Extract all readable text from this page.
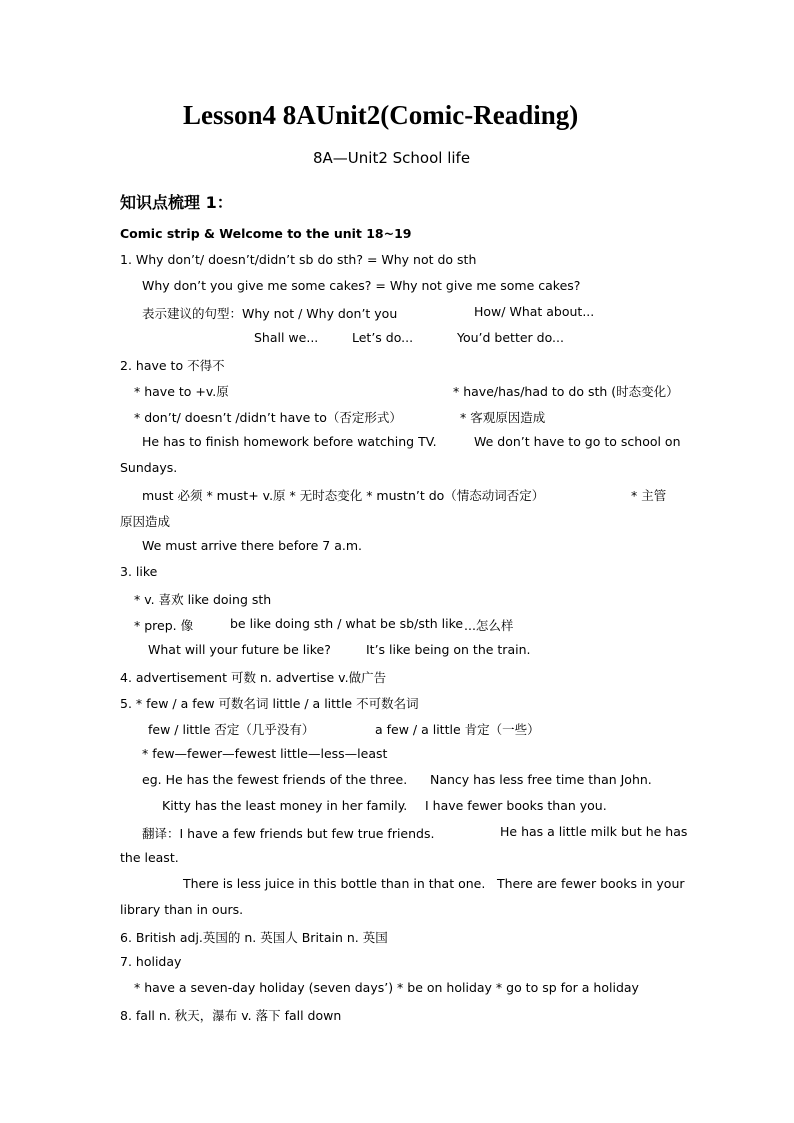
Lesson4 8AUnit2(Comic-Reading)
8A—Unit2 School life
知识点梳理 1：
Comic strip & Welcome to the unit 18~19
1. Why don’t/ doesn’t/didn’t sb do sth? = Why not do sth
Why don’t you give me some cakes? = Why not give me some cakes?
表示建议的句型：Why not / Why don’t you	How/ What about...
Shall we...	Let’s do...	You’d better do...
2. have to 不得不
* have to +v.原	* have/has/had to do sth (时态变化）
* don’t/ doesn’t /didn’t have to（否定形式）	* 客观原因造成
He has to finish homework before watching TV.	We don’t have to go to school on
Sundays.
must 必须 * must+ v.原 * 无时态变化 * mustn’t do（情态动词否定）	* 主管
原因造成
We must arrive there before 7 a.m.
3. like
* v. 喜欢 like doing sth
* prep. 像	be like doing sth / what be sb/sth like ...怎么样
What will your future be like?	It’s like being on the train.
4. advertisement 可数 n. advertise v.做广告
5. * few / a few 可数名词 little / a little 不可数名词
few / little 否定（几乎没有）	a few / a little 肯定（一些）
* few—fewer—fewest little—less—least
eg. He has the fewest friends of the three. Nancy has less free time than John.
Kitty has the least money in her family. I have fewer books than you.
翻译：I have a few friends but few true friends.	He has a little milk but he has
the least.
There is less juice in this bottle than in that one. There are fewer books in your
library than in ours.
6. British adj.英国的 n. 英国人 Britain n. 英国
7. holiday
* have a seven-day holiday (seven days’) * be on holiday * go to sp for a holiday
8. fall n. 秋天，瀑布 v. 落下 fall down
